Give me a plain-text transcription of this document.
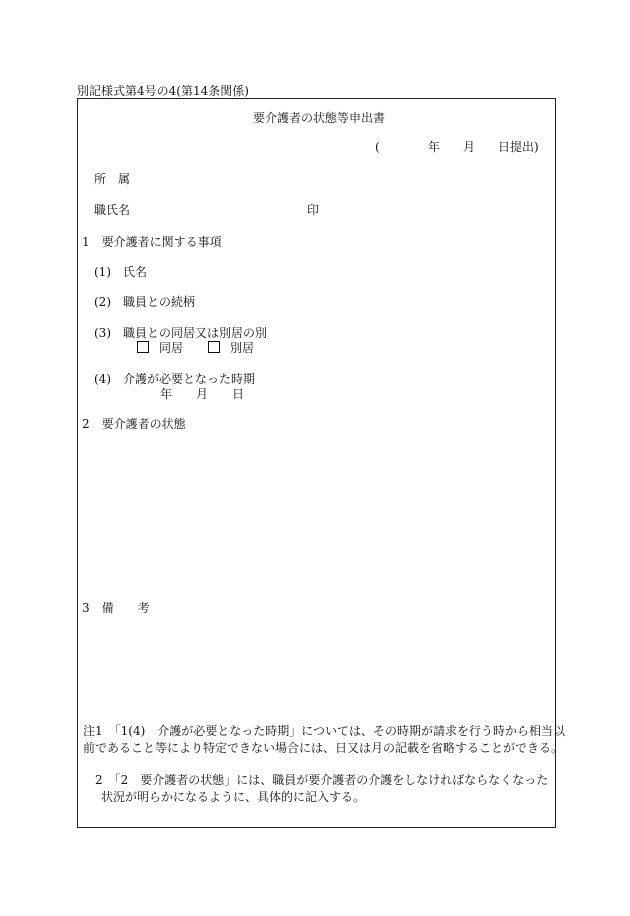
別記様式第4号の4(第14条関係)
要介護者の状態等申出書
(	年 月 日提出)
所　属
職氏名	印
1　要介護者に関する事項
(1)　氏名
(2)　職員との続柄
(3)　職員との同居又は別居の別
同居	別居
(4)　介護が必要となった時期
年 月 日
2　要介護者の状態
3　備　　考
注1　「1(4)　介護が必要となった時期」については、その時期が請求を行う時から相当以前であること等により特定できない場合には、日又は月の記載を省略することができる。
2　「2　要介護者の状態」には、職員が要介護者の介護をしなければならなくなった状況が明らかになるように、具体的に記入する。
